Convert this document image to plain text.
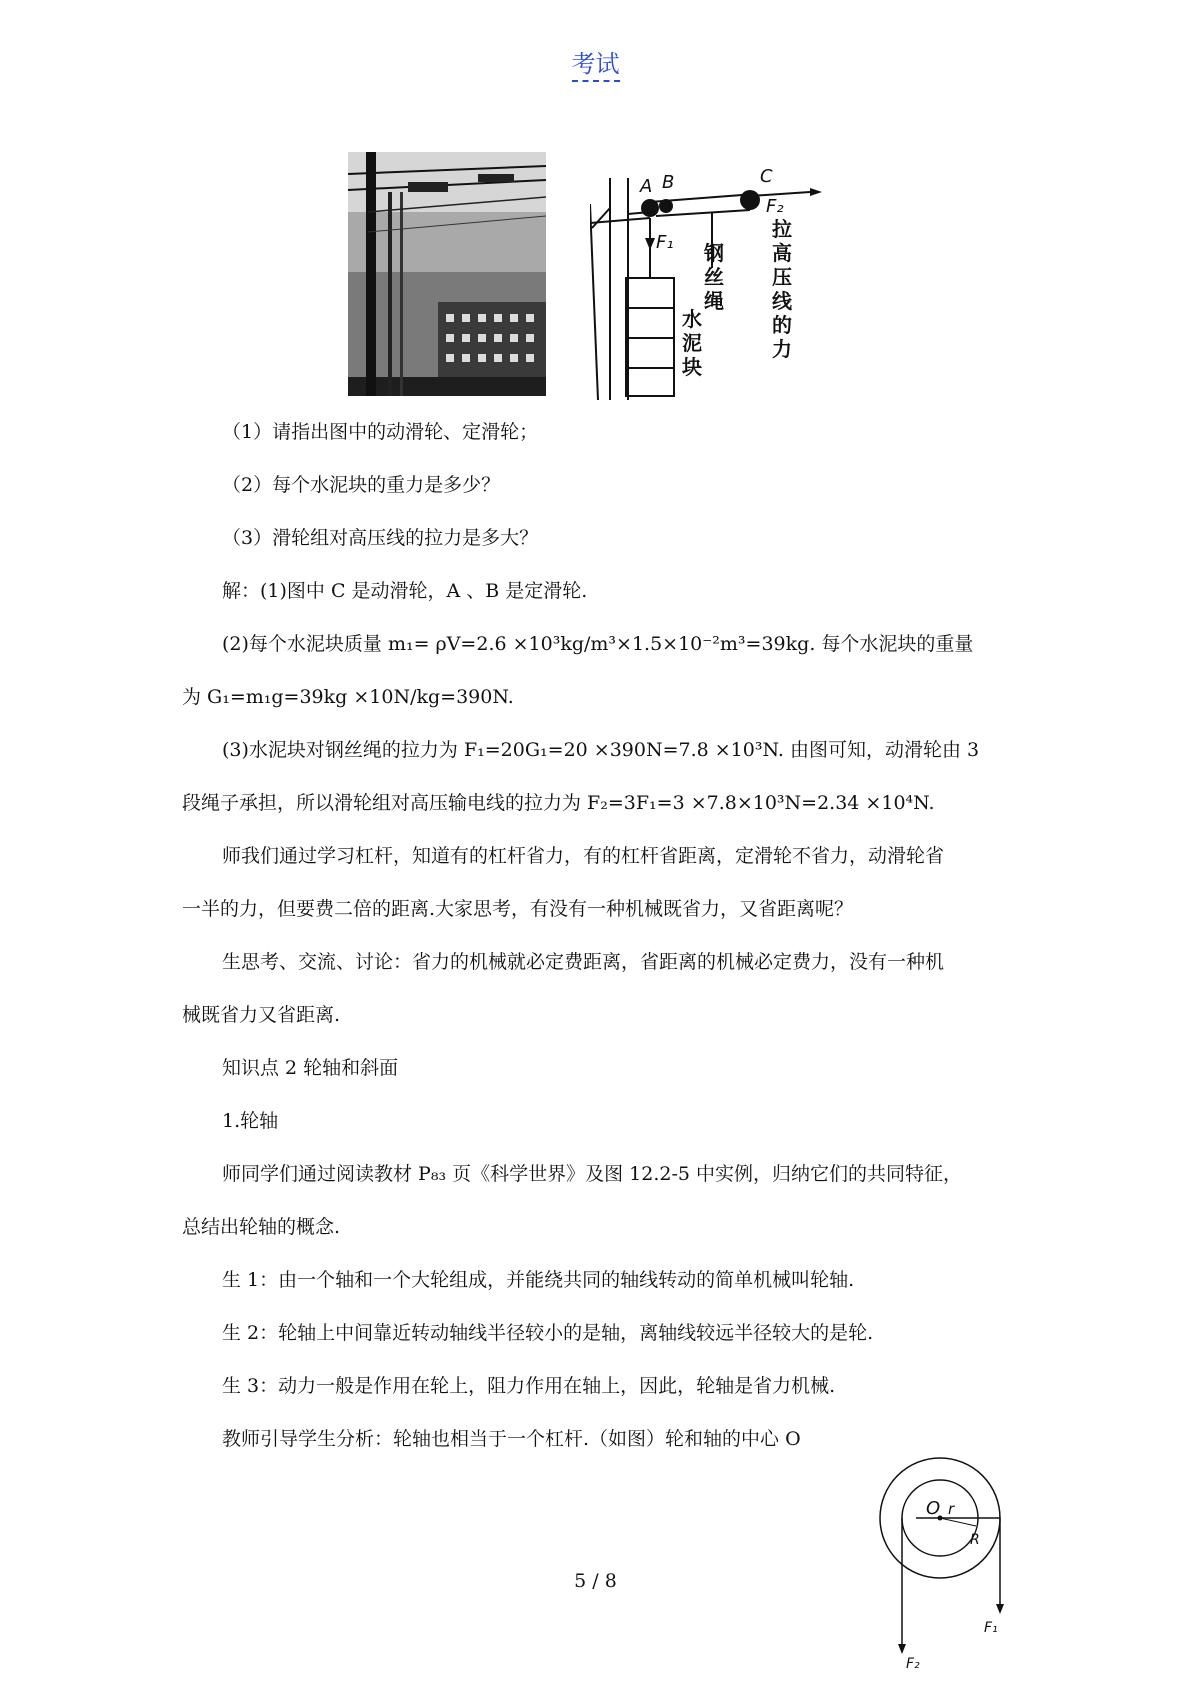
考试
A B	C
F₁
F₂
钢
丝
绳
水
泥
块
拉
高
压
线
的
力
（1）请指出图中的动滑轮、定滑轮；
（2）每个水泥块的重力是多少？
（3）滑轮组对高压线的拉力是多大？
解：(1)图中 C 是动滑轮，A 、B 是定滑轮.
(2)每个水泥块质量 m₁= ρV=2.6 ×10³kg/m³×1.5×10⁻²m³=39kg. 每个水泥块的重量
为 G₁=m₁g=39kg ×10N/kg=390N.
(3)水泥块对钢丝绳的拉力为 F₁=20G₁=20 ×390N=7.8 ×10³N. 由图可知，动滑轮由 3
段绳子承担，所以滑轮组对高压输电线的拉力为 F₂=3F₁=3 ×7.8×10³N=2.34 ×10⁴N.
师我们通过学习杠杆，知道有的杠杆省力，有的杠杆省距离，定滑轮不省力，动滑轮省
一半的力，但要费二倍的距离.大家思考，有没有一种机械既省力，又省距离呢？
生思考、交流、讨论：省力的机械就必定费距离，省距离的机械必定费力，没有一种机
械既省力又省距离.
知识点 2 轮轴和斜面
1.轮轴
师同学们通过阅读教材 P₈₃ 页《科学世界》及图 12.2-5 中实例，归纳它们的共同特征，
总结出轮轴的概念.
生 1：由一个轴和一个大轮组成，并能绕共同的轴线转动的简单机械叫轮轴.
生 2：轮轴上中间靠近转动轴线半径较小的是轴，离轴线较远半径较大的是轮.
生 3：动力一般是作用在轮上，阻力作用在轴上，因此，轮轴是省力机械.
教师引导学生分析：轮轴也相当于一个杠杆.（如图）轮和轴的中心 O
O r
R
F₁
F₂
5 / 8
